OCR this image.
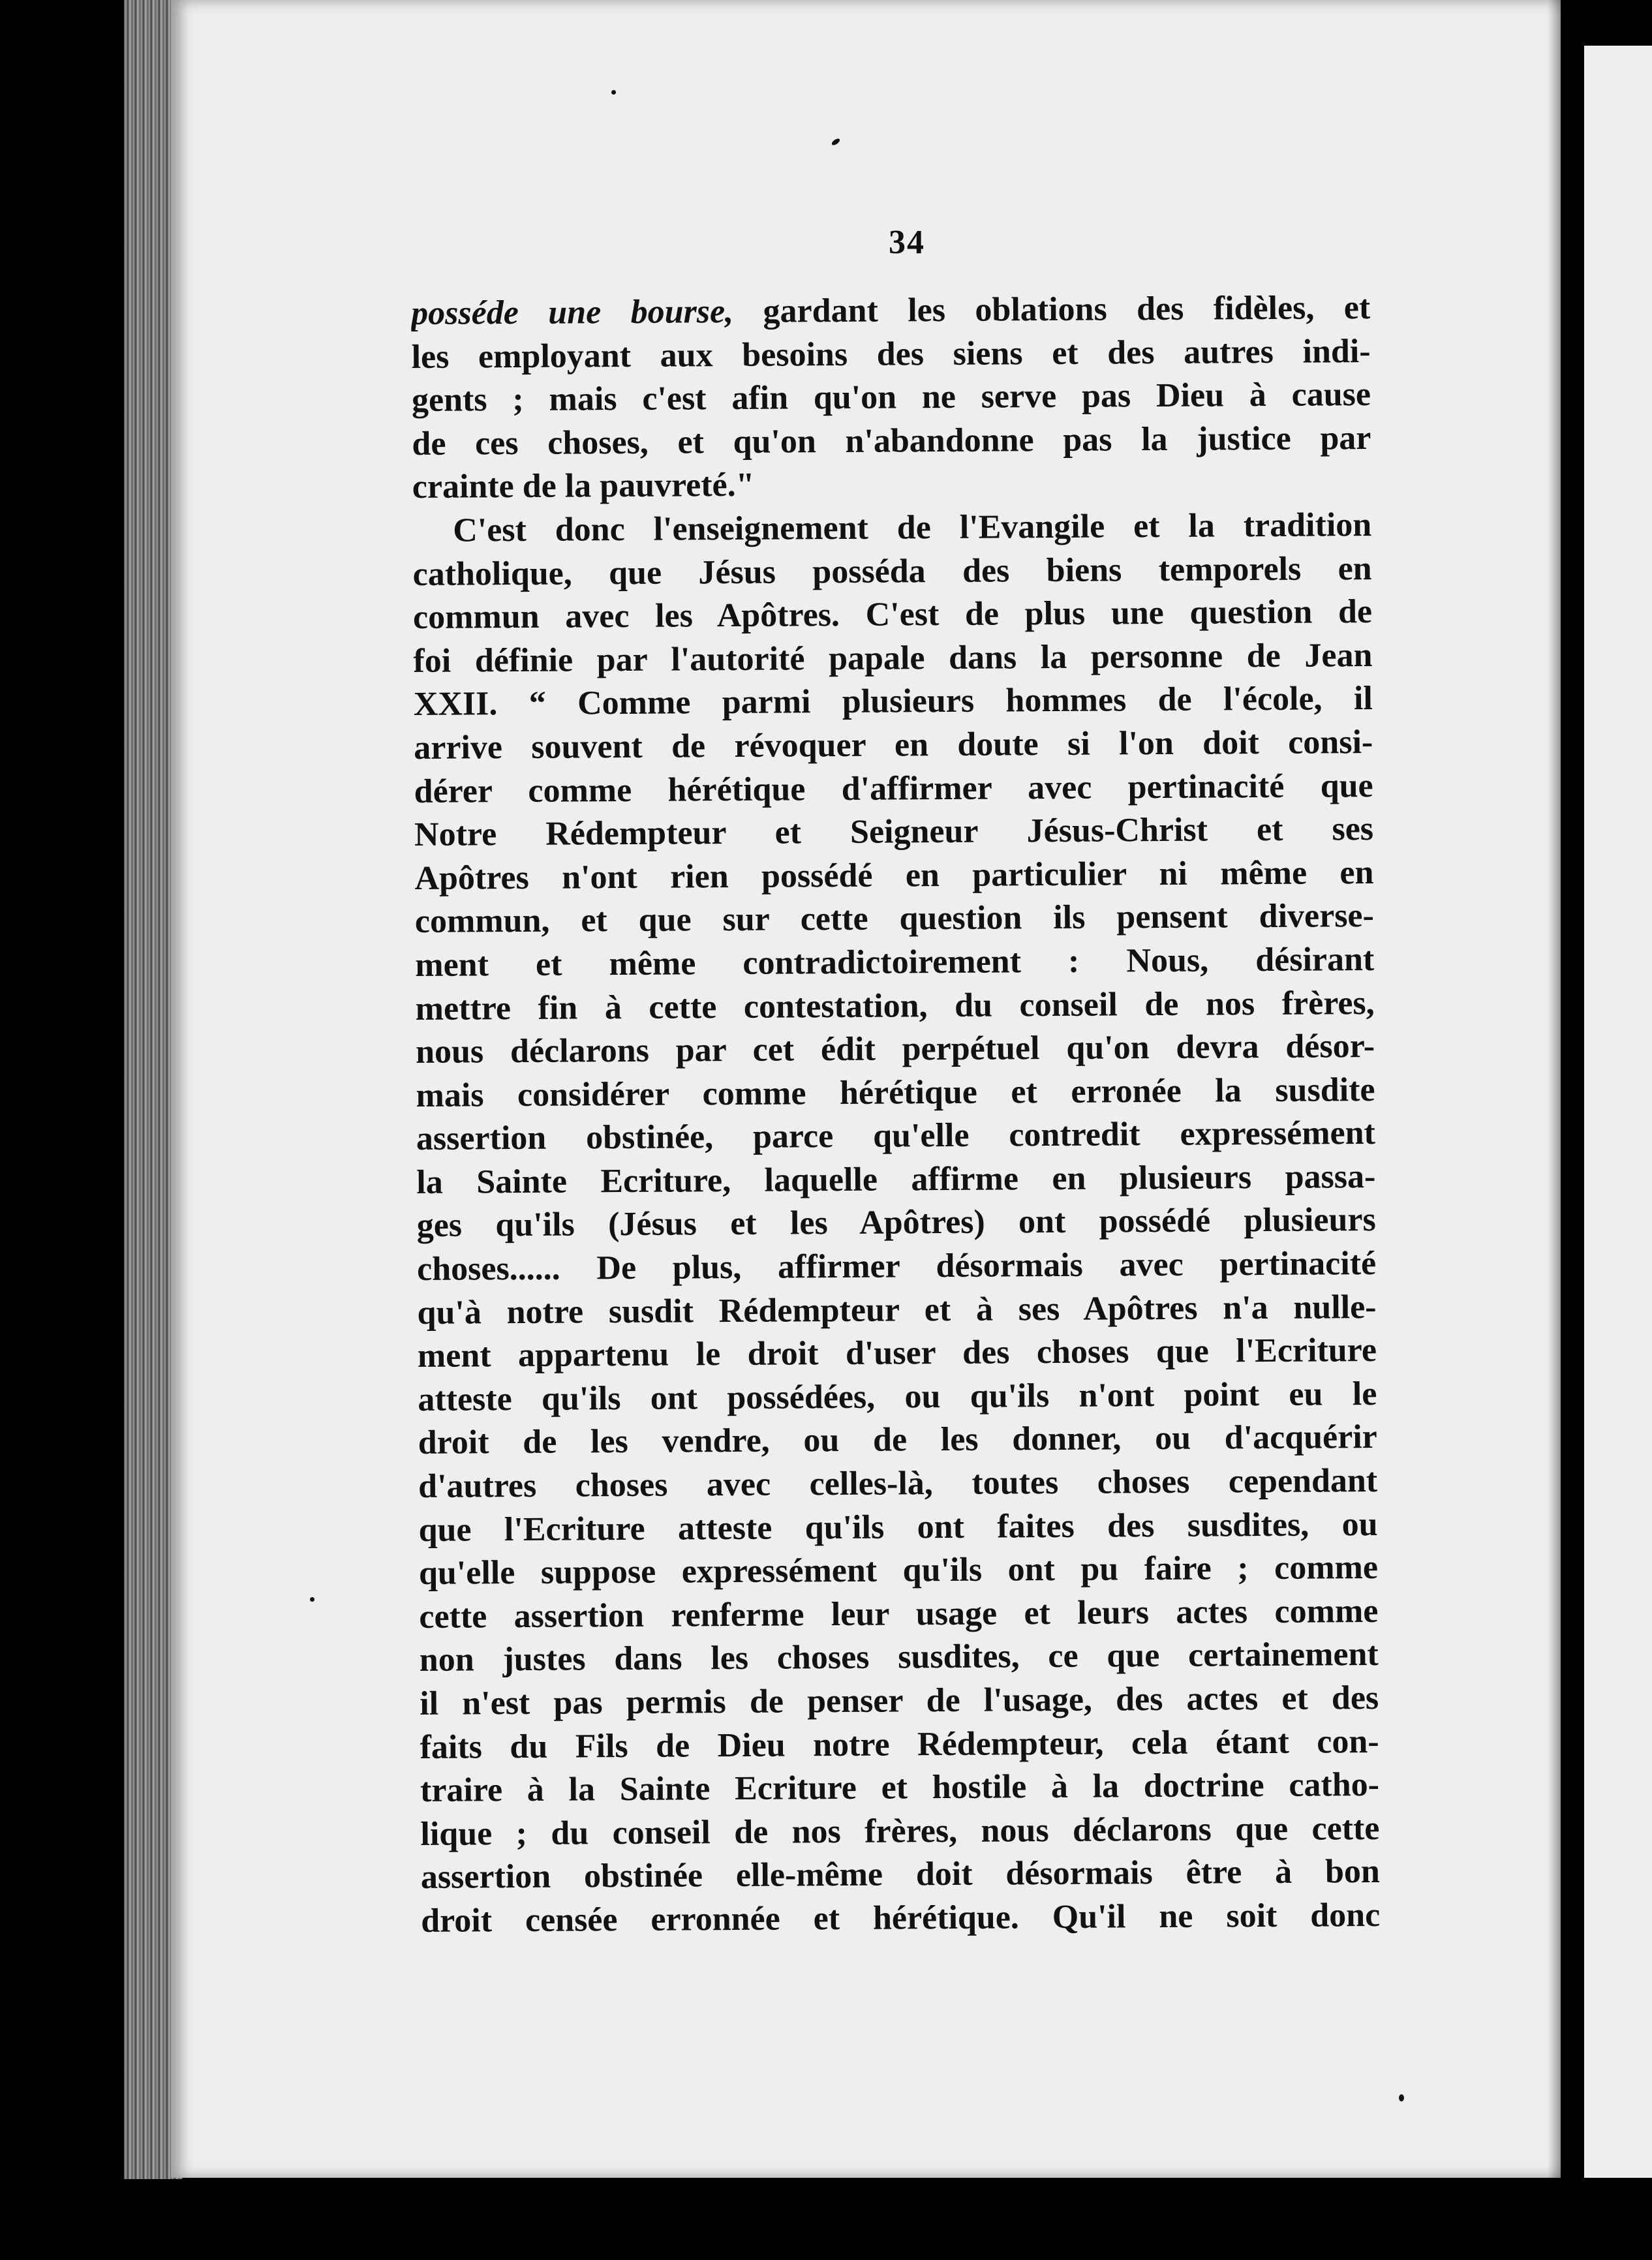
34
posséde une bourse, gardant les oblations des fidèles, et
les employant aux besoins des siens et des autres indi-
gents ; mais c'est afin qu'on ne serve pas Dieu à cause
de ces choses, et qu'on n'abandonne pas la justice par
crainte de la pauvreté."
C'est donc l'enseignement de l'Evangile et la tradition
catholique, que Jésus posséda des biens temporels en
commun avec les Apôtres. C'est de plus une question de
foi définie par l'autorité papale dans la personne de Jean
XXII. “ Comme parmi plusieurs hommes de l'école, il
arrive souvent de révoquer en doute si l'on doit consi-
dérer comme hérétique d'affirmer avec pertinacité que
Notre Rédempteur et Seigneur Jésus-Christ et ses
Apôtres n'ont rien possédé en particulier ni même en
commun, et que sur cette question ils pensent diverse-
ment et même contradictoirement : Nous, désirant
mettre fin à cette contestation, du conseil de nos frères,
nous déclarons par cet édit perpétuel qu'on devra désor-
mais considérer comme hérétique et erronée la susdite
assertion obstinée, parce qu'elle contredit expressément
la Sainte Ecriture, laquelle affirme en plusieurs passa-
ges qu'ils (Jésus et les Apôtres) ont possédé plusieurs
choses...... De plus, affirmer désormais avec pertinacité
qu'à notre susdit Rédempteur et à ses Apôtres n'a nulle-
ment appartenu le droit d'user des choses que l'Ecriture
atteste qu'ils ont possédées, ou qu'ils n'ont point eu le
droit de les vendre, ou de les donner, ou d'acquérir
d'autres choses avec celles-là, toutes choses cependant
que l'Ecriture atteste qu'ils ont faites des susdites, ou
qu'elle suppose expressément qu'ils ont pu faire ; comme
cette assertion renferme leur usage et leurs actes comme
non justes dans les choses susdites, ce que certainement
il n'est pas permis de penser de l'usage, des actes et des
faits du Fils de Dieu notre Rédempteur, cela étant con-
traire à la Sainte Ecriture et hostile à la doctrine catho-
lique ; du conseil de nos frères, nous déclarons que cette
assertion obstinée elle-même doit désormais être à bon
droit censée erronnée et hérétique. Qu'il ne soit donc
